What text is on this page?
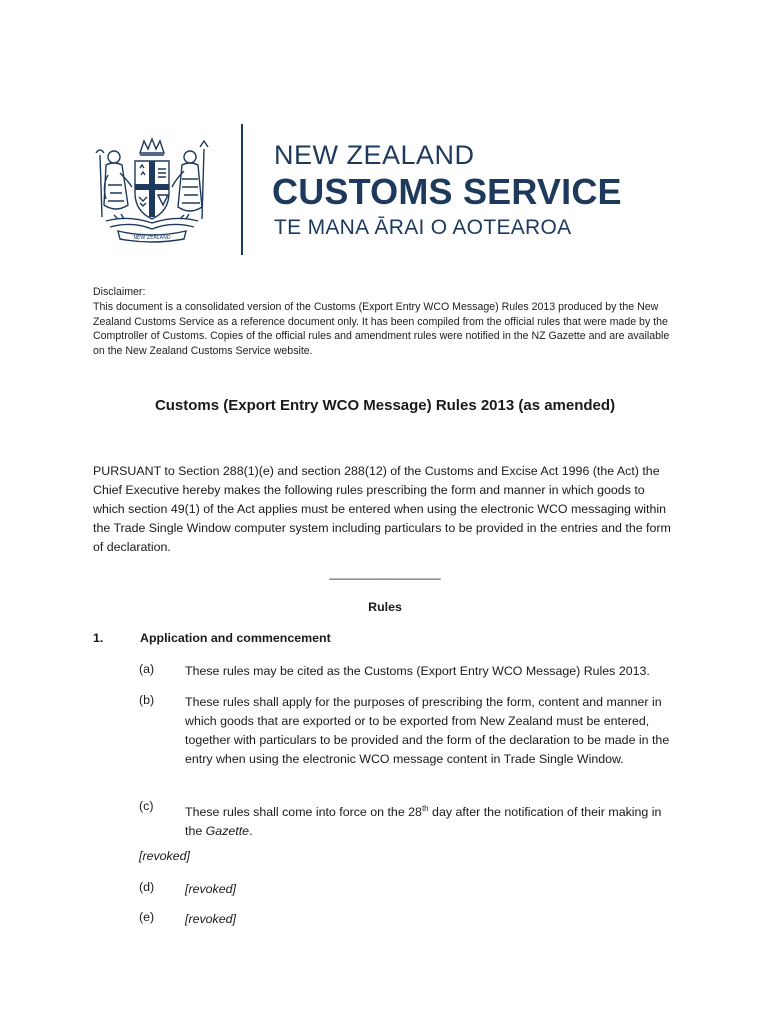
NEW ZEALAND
NEW ZEALAND
CUSTOMS SERVICE
TE MANA ĀRAI O AOTEAROA

Disclaimer:

This document is a consolidated version of the Customs (Export Entry WCO Message) Rules 2013 produced by the New Zealand Customs Service as a reference document only. It has been compiled from the official rules that were made by the Comptroller of Customs. Copies of the official rules and amendment rules were notified in the NZ Gazette and are available on the New Zealand Customs Service website.

Customs (Export Entry WCO Message) Rules 2013 (as amended)
PURSUANT to Section 288(1)(e) and section 288(12) of the Customs and Excise Act 1996 (the Act) the Chief Executive hereby makes the following rules prescribing the form and manner in which goods to which section 49(1) of the Act applies must be entered when using the electronic WCO messaging within the Trade Single Window computer system including particulars to be provided in the entries and the form of declaration.
—————————
Rules
1.	Application and commencement
(a) These rules may be cited as the Customs (Export Entry WCO Message) Rules 2013.
(b) These rules shall apply for the purposes of prescribing the form, content and manner in which goods that are exported or to be exported from New Zealand must be entered, together with particulars to be provided and the form of the declaration to be made in the entry when using the electronic WCO message content in Trade Single Window.
(c)	These rules shall come into force on the 28th day after the notification of their making in the Gazette.
[revoked]
(d) [revoked]
(e) [revoked]
